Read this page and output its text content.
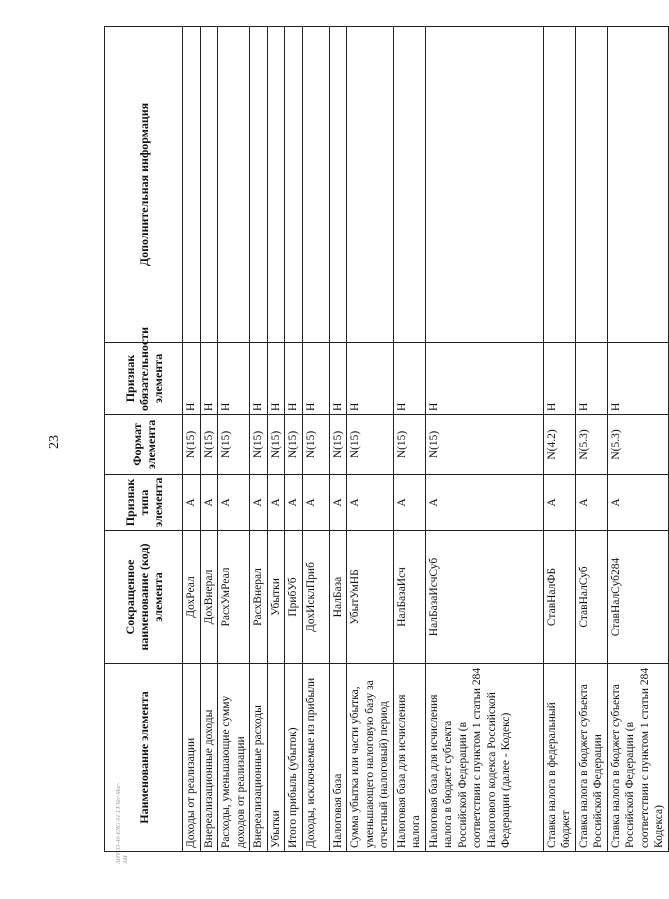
23
AHV-33-40-ENG-01-LT-Ver-Mar-AM
Наименование элемента	Сокращенное наименование (код) элемента	Признак типа элемента	Формат элемента	Признак обязательности элемента	Дополнительная информация
Доходы от реализации	ДохРеал	А	N(15)	Н	
Внереализационные доходы	ДохВнерал	А	N(15)	Н	
Расходы, уменьшающие сумму доходов от реализации	РасхУмРеал	А	N(15)	Н	
Внереализационные расходы	РасхВнерал	А	N(15)	Н	
Убытки	Убытки	А	N(15)	Н	
Итого прибыль (убыток)	ПрибУб	А	N(15)	Н	
Доходы, исключаемые из прибыли	ДохИсклПриб	А	N(15)	Н	
Налоговая база	НалБаза	А	N(15)	Н	
Сумма убытка или части убытка, уменьшающего налоговую базу за отчетный (налоговый) период	УбытУмНБ	А	N(15)	Н	
Налоговая база для исчисления налога	НалБазаИсч	А	N(15)	Н	
Налоговая база для исчисления налога в бюджет субъекта Российской Федерации (в соответствии с пунктом 1 статьи 284 Налогового кодекса Российской Федерации (далее - Кодекс)	НалБазаИсчСуб	А	N(15)	Н	
Ставка налога в федеральный бюджет	СтавНалФБ	А	N(4.2)	Н	
Ставка налога в бюджет субъекта Российской Федерации	СтавНалСуб	А	N(5.3)	Н	
Ставка налога в бюджет субъекта Российской Федерации (в соответствии с пунктом 1 статьи 284 Кодекса)	СтавНалСуб284	А	N(5.3)	Н	
